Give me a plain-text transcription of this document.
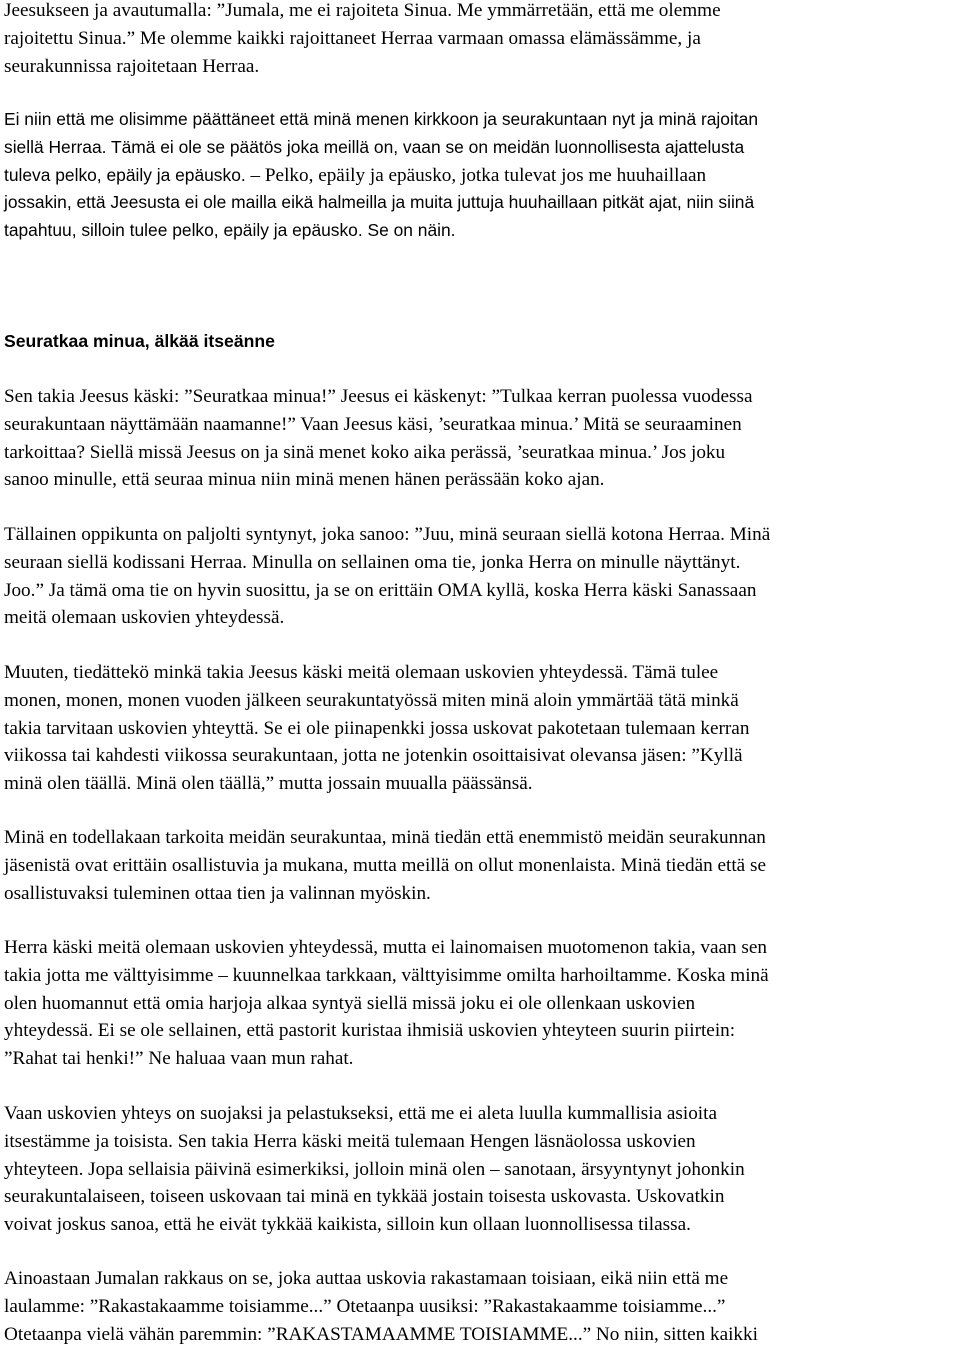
Jeesukseen ja avautumalla: ”Jumala, me ei rajoiteta Sinua. Me ymmärretään, että me olemme
rajoitettu Sinua.” Me olemme kaikki rajoittaneet Herraa varmaan omassa elämässämme, ja
seurakunnissa rajoitetaan Herraa.
Ei niin että me olisimme päättäneet että minä menen kirkkoon ja seurakuntaan nyt ja minä rajoitan
siellä Herraa. Tämä ei ole se päätös joka meillä on, vaan se on meidän luonnollisesta ajattelusta
tuleva pelko, epäily ja epäusko. – Pelko, epäily ja epäusko, jotka tulevat jos me huuhaillaan
jossakin, että Jeesusta ei ole mailla eikä halmeilla ja muita juttuja huuhaillaan pitkät ajat, niin siinä
tapahtuu, silloin tulee pelko, epäily ja epäusko. Se on näin.
Seuratkaa minua, älkää itseänne
Sen takia Jeesus käski: ”Seuratkaa minua!” Jeesus ei käskenyt: ”Tulkaa kerran puolessa vuodessa
seurakuntaan näyttämään naamanne!” Vaan Jeesus käsi, ’seuratkaa minua.’ Mitä se seuraaminen
tarkoittaa? Siellä missä Jeesus on ja sinä menet koko aika perässä, ’seuratkaa minua.’ Jos joku
sanoo minulle, että seuraa minua niin minä menen hänen perässään koko ajan.
Tällainen oppikunta on paljolti syntynyt, joka sanoo: ”Juu, minä seuraan siellä kotona Herraa. Minä
seuraan siellä kodissani Herraa. Minulla on sellainen oma tie, jonka Herra on minulle näyttänyt.
Joo.” Ja tämä oma tie on hyvin suosittu, ja se on erittäin OMA kyllä, koska Herra käski Sanassaan
meitä olemaan uskovien yhteydessä.
Muuten, tiedättekö minkä takia Jeesus käski meitä olemaan uskovien yhteydessä. Tämä tulee
monen, monen, monen vuoden jälkeen seurakuntatyössä miten minä aloin ymmärtää tätä minkä
takia tarvitaan uskovien yhteyttä. Se ei ole piinapenkki jossa uskovat pakotetaan tulemaan kerran
viikossa tai kahdesti viikossa seurakuntaan, jotta ne jotenkin osoittaisivat olevansa jäsen: ”Kyllä
minä olen täällä. Minä olen täällä,” mutta jossain muualla päässänsä.
Minä en todellakaan tarkoita meidän seurakuntaa, minä tiedän että enemmistö meidän seurakunnan
jäsenistä ovat erittäin osallistuvia ja mukana, mutta meillä on ollut monenlaista. Minä tiedän että se
osallistuvaksi tuleminen ottaa tien ja valinnan myöskin.
Herra käski meitä olemaan uskovien yhteydessä, mutta ei lainomaisen muotomenon takia, vaan sen
takia jotta me välttyisimme – kuunnelkaa tarkkaan, välttyisimme omilta harhoiltamme. Koska minä
olen huomannut että omia harjoja alkaa syntyä siellä missä joku ei ole ollenkaan uskovien
yhteydessä. Ei se ole sellainen, että pastorit kuristaa ihmisiä uskovien yhteyteen suurin piirtein:
”Rahat tai henki!” Ne haluaa vaan mun rahat.
Vaan uskovien yhteys on suojaksi ja pelastukseksi, että me ei aleta luulla kummallisia asioita
itsestämme ja toisista. Sen takia Herra käski meitä tulemaan Hengen läsnäolossa uskovien
yhteyteen. Jopa sellaisia päivinä esimerkiksi, jolloin minä olen – sanotaan, ärsyyntynyt johonkin
seurakuntalaiseen, toiseen uskovaan tai minä en tykkää jostain toisesta uskovasta. Uskovatkin
voivat joskus sanoa, että he eivät tykkää kaikista, silloin kun ollaan luonnollisessa tilassa.
Ainoastaan Jumalan rakkaus on se, joka auttaa uskovia rakastamaan toisiaan, eikä niin että me
laulamme: ”Rakastakaamme toisiamme...” Otetaanpa uusiksi: ”Rakastakaamme toisiamme...”
Otetaanpa vielä vähän paremmin: ”RAKASTAMAAMME TOISIAMME...” No niin, sitten kaikki
